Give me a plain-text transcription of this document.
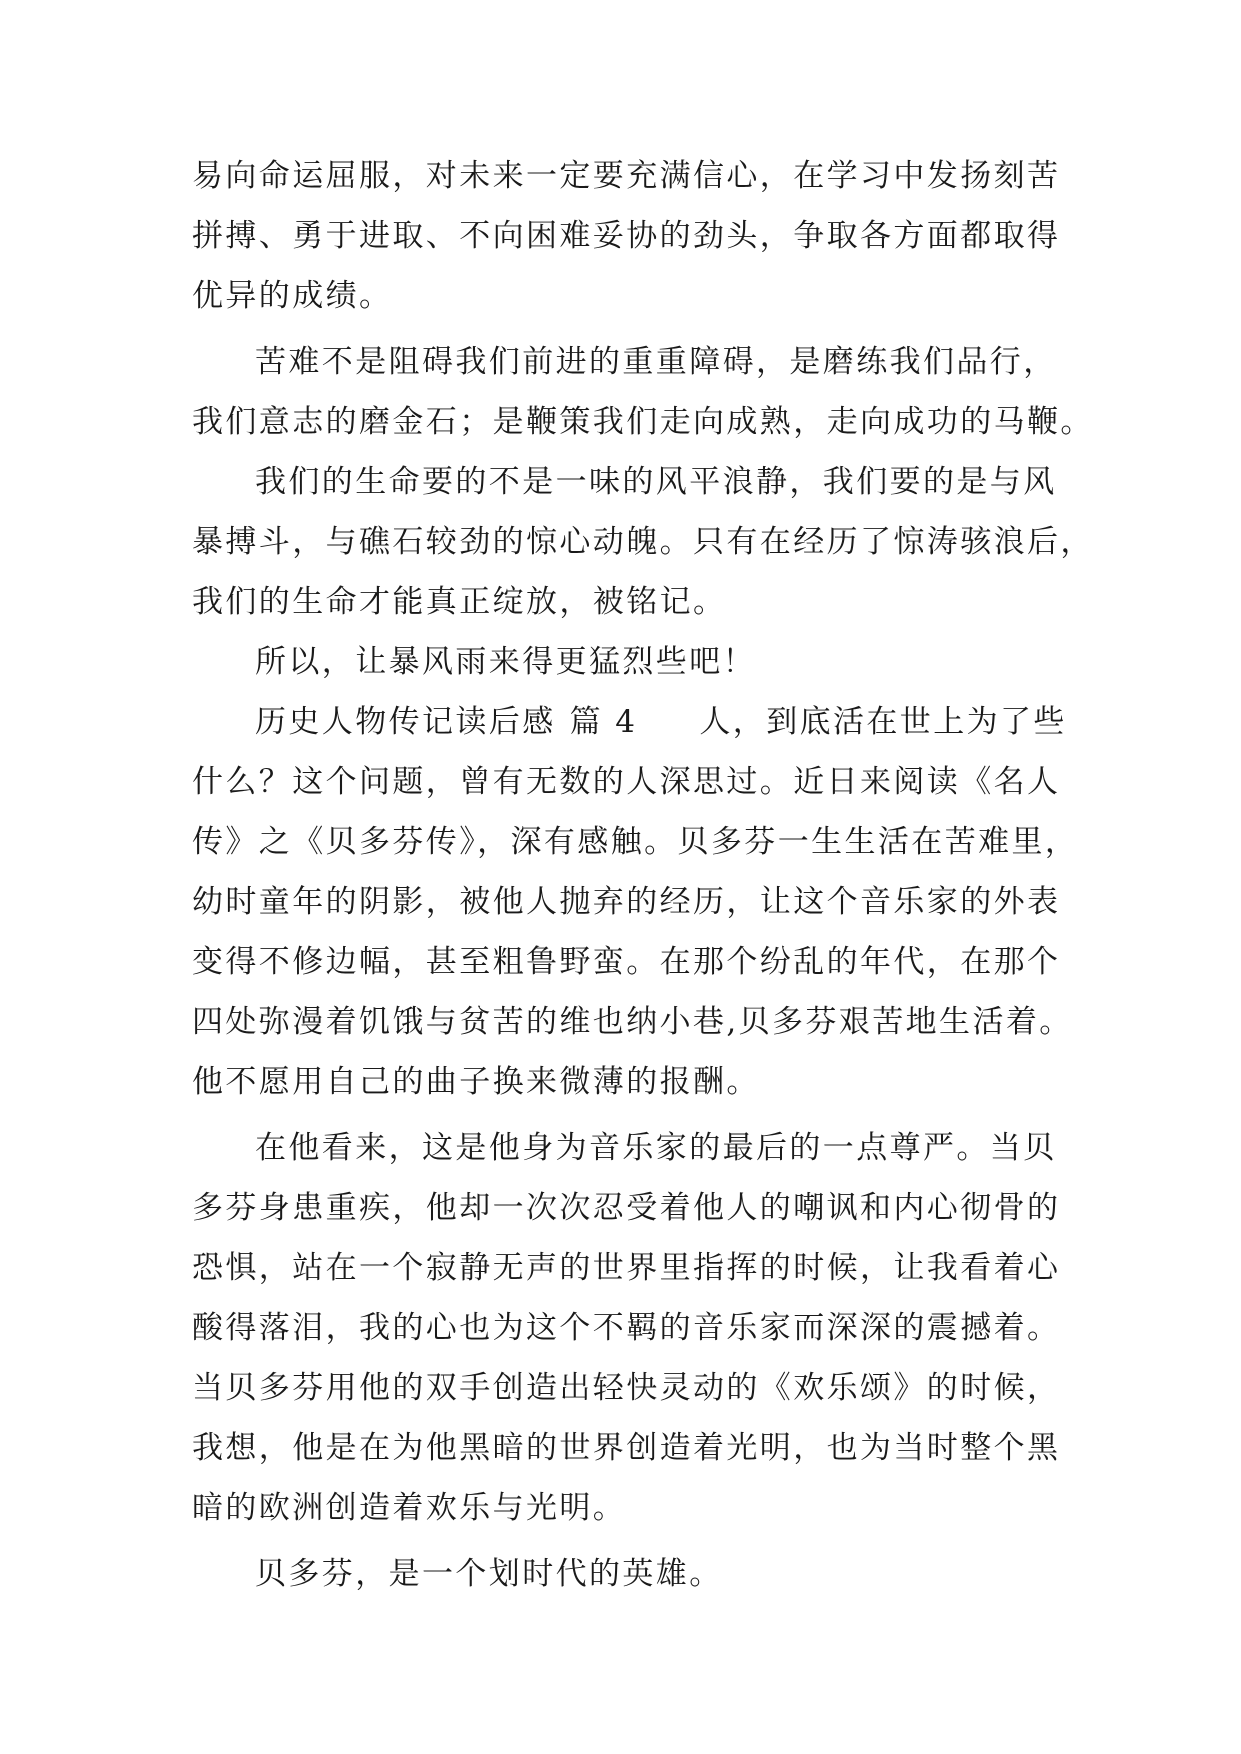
易向命运屈服，对未来一定要充满信心，在学习中发扬刻苦
拼搏、勇于进取、不向困难妥协的劲头，争取各方面都取得
优异的成绩。
苦难不是阻碍我们前进的重重障碍，是磨练我们品行，
我们意志的磨金石；是鞭策我们走向成熟，走向成功的马鞭。
我们的生命要的不是一味的风平浪静，我们要的是与风
暴搏斗，与礁石较劲的惊心动魄。只有在经历了惊涛骇浪后，
我们的生命才能真正绽放，被铭记。
所以，让暴风雨来得更猛烈些吧！
历史人物传记读后感 篇 4 人，到底活在世上为了些
什么？这个问题，曾有无数的人深思过。近日来阅读《名人
传》之《贝多芬传》，深有感触。贝多芬一生生活在苦难里，
幼时童年的阴影，被他人抛弃的经历，让这个音乐家的外表
变得不修边幅，甚至粗鲁野蛮。在那个纷乱的年代，在那个
四处弥漫着饥饿与贫苦的维也纳小巷,贝多芬艰苦地生活着。
他不愿用自己的曲子换来微薄的报酬。
在他看来，这是他身为音乐家的最后的一点尊严。当贝
多芬身患重疾，他却一次次忍受着他人的嘲讽和内心彻骨的
恐惧，站在一个寂静无声的世界里指挥的时候，让我看着心
酸得落泪，我的心也为这个不羁的音乐家而深深的震撼着。
当贝多芬用他的双手创造出轻快灵动的《欢乐颂》的时候，
我想，他是在为他黑暗的世界创造着光明，也为当时整个黑
暗的欧洲创造着欢乐与光明。
贝多芬，是一个划时代的英雄。
